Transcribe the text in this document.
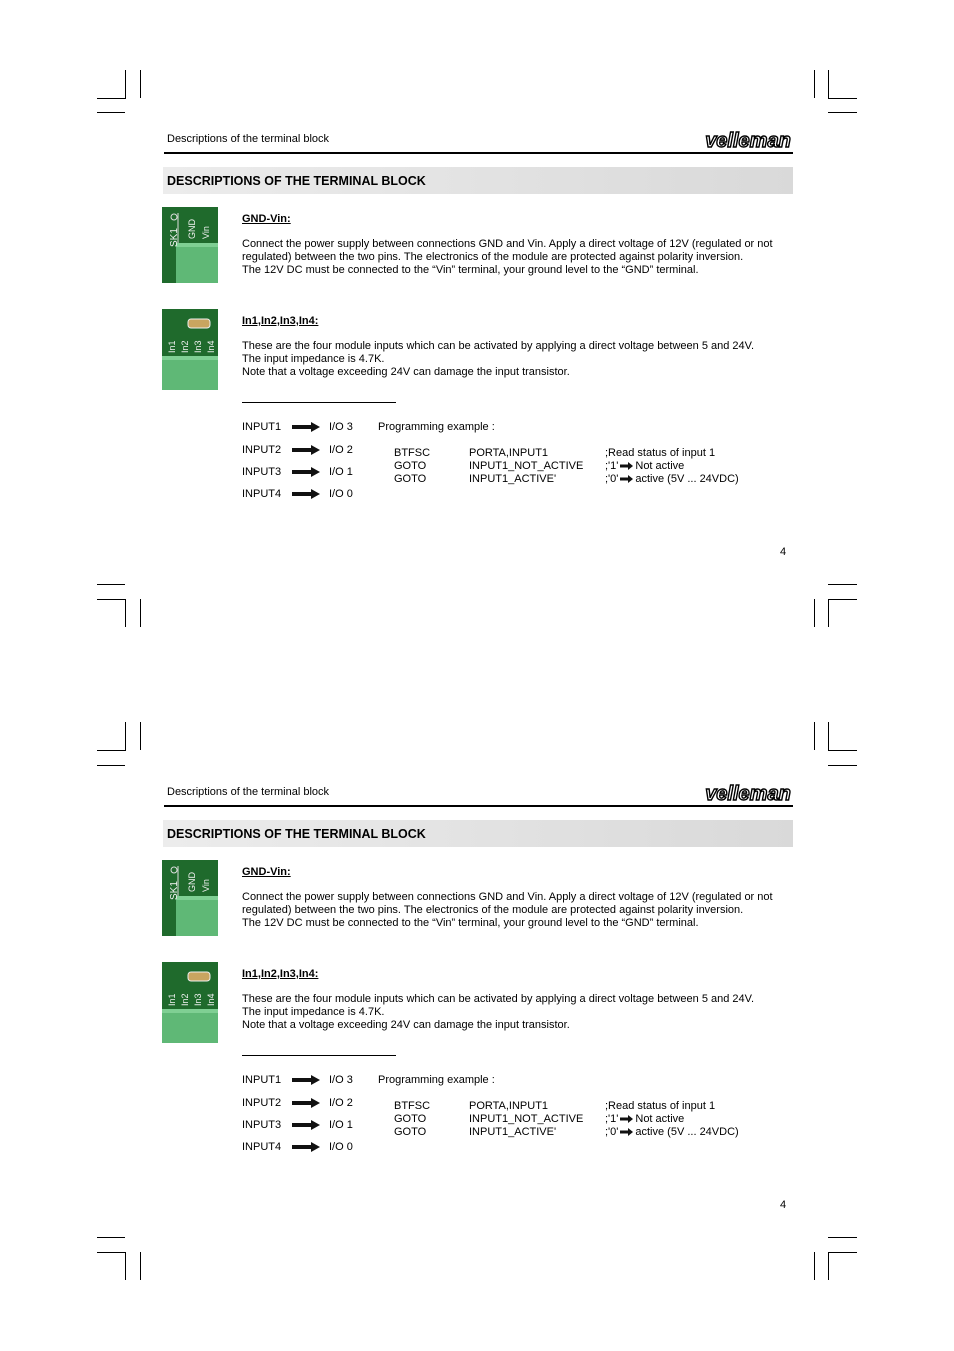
Descriptions of the terminal block	velleman
DESCRIPTIONS OF THE TERMINAL BLOCK
SK1 GND Vin
GND-Vin:
Connect the power supply between connections GND and Vin. Apply a direct voltage of 12V (regulated or not
regulated) between the two pins. The electronics of the module are protected against polarity inversion.
The 12V DC must be connected to the “Vin” terminal, your ground level to the “GND” terminal.
In1 In2 In3 In4
In1,In2,In3,In4:
These are the four module inputs which can be activated by applying a direct voltage between 5 and 24V.
The input impedance is 4.7K.
Note that a voltage exceeding 24V can damage the input transistor.
INPUT1	I/O 3
INPUT2	I/O 2
INPUT3	I/O 1
INPUT4	I/O 0
Programming example :
BTFSC	PORTA,INPUT1	;Read status of input 1
GOTO	INPUT1_NOT_ACTIVE ;'1' Not active
GOTO	INPUT1_ACTIVE'	;'0' active (5V ... 24VDC)
4
Descriptions of the terminal block	velleman
DESCRIPTIONS OF THE TERMINAL BLOCK
SK1 GND Vin
GND-Vin:
Connect the power supply between connections GND and Vin. Apply a direct voltage of 12V (regulated or not
regulated) between the two pins. The electronics of the module are protected against polarity inversion.
The 12V DC must be connected to the “Vin” terminal, your ground level to the “GND” terminal.
In1 In2 In3 In4
In1,In2,In3,In4:
These are the four module inputs which can be activated by applying a direct voltage between 5 and 24V.
The input impedance is 4.7K.
Note that a voltage exceeding 24V can damage the input transistor.
INPUT1	I/O 3
INPUT2	I/O 2
INPUT3	I/O 1
INPUT4	I/O 0
Programming example :
BTFSC	PORTA,INPUT1	;Read status of input 1
GOTO	INPUT1_NOT_ACTIVE ;'1' Not active
GOTO	INPUT1_ACTIVE'	;'0' active (5V ... 24VDC)
4
